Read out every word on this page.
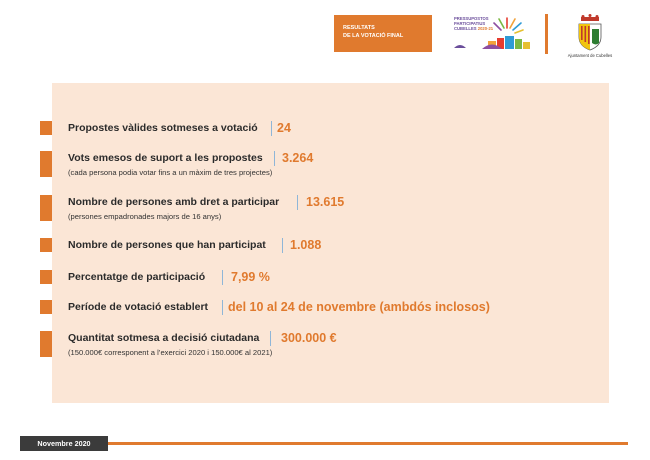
RESULTATS
DE LA VOTACIÓ FINAL
PRESSUPOSTOS
PARTICIPATIUS
CUBELLES 2020-21
Ajuntament de Cubelles
Propostes vàlides sotmeses a votació 24
Vots emesos de suport a les propostes 3.264
(cada persona podia votar fins a un màxim de tres projectes)
Nombre de persones amb dret a participar 13.615
(persones empadronades majors de 16 anys)
Nombre de persones que han participat 1.088
Percentatge de participació 7,99 %
Període de votació establert del 10 al 24 de novembre (ambdós inclosos)
Quantitat sotmesa a decisió ciutadana 300.000 €
(150.000€ corresponent a l’exercici 2020 i 150.000€ al 2021)
Novembre 2020
